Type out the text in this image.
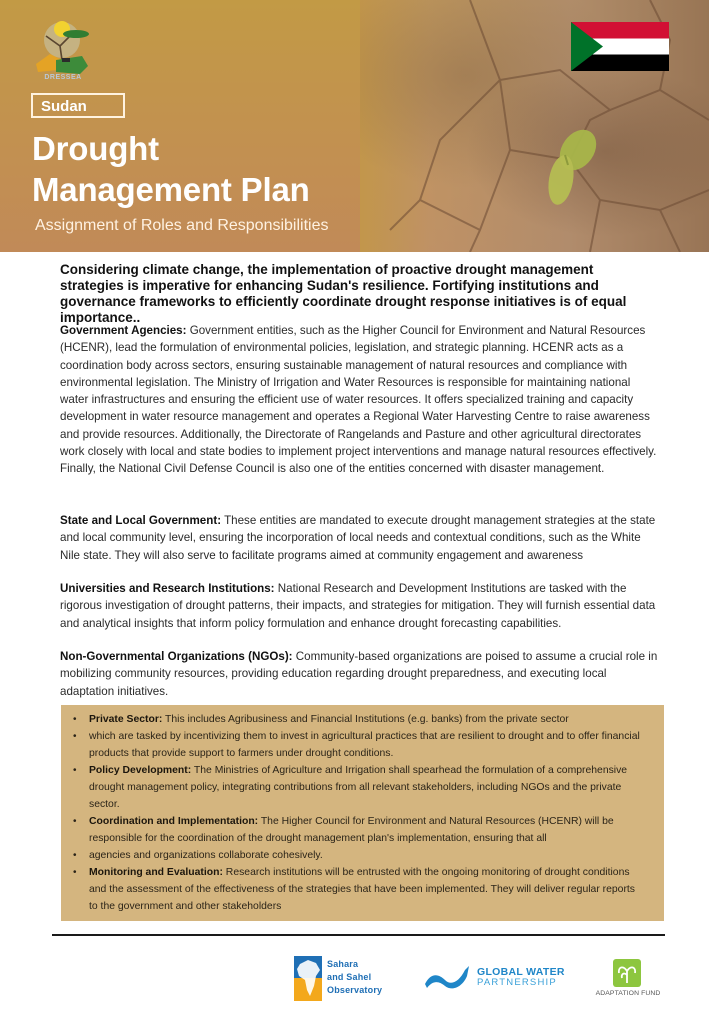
DRESSEA
Sudan
Drought
Management Plan
Assignment of Roles and Responsibilities
Considering climate change, the implementation of proactive drought management strategies is imperative for enhancing Sudan's resilience. Fortifying institutions and governance frameworks to efficiently coordinate drought response initiatives is of equal importance..
Government Agencies: Government entities, such as the Higher Council for Environment and Natural Resources (HCENR), lead the formulation of environmental policies, legislation, and strategic planning. HCENR acts as a coordination body across sectors, ensuring sustainable management of natural resources and compliance with environmental legislation. The Ministry of Irrigation and Water Resources is responsible for maintaining national water infrastructures and ensuring the efficient use of water resources. It offers specialized training and capacity development in water resource management and operates a Regional Water Harvesting Centre to raise awareness and provide resources. Additionally, the Directorate of Rangelands and Pasture and other agricultural directorates work closely with local and state bodies to implement project interventions and manage natural resources effectively. Finally, the National Civil Defense Council is also one of the entities concerned with disaster management.
State and Local Government: These entities are mandated to execute drought management strategies at the state and local community level, ensuring the incorporation of local needs and contextual conditions, such as the White Nile state. They will also serve to facilitate programs aimed at community engagement and awareness
Universities and Research Institutions: National Research and Development Institutions are tasked with the rigorous investigation of drought patterns, their impacts, and strategies for mitigation. They will furnish essential data and analytical insights that inform policy formulation and enhance drought forecasting capabilities.
Non-Governmental Organizations (NGOs): Community-based organizations are poised to assume a crucial role in mobilizing community resources, providing education regarding drought preparedness, and executing local adaptation initiatives.
• Private Sector: This includes Agribusiness and Financial Institutions (e.g. banks) from the private sector
• which are tasked by incentivizing them to invest in agricultural practices that are resilient to drought and to offer financial products that provide support to farmers under drought conditions.
• Policy Development: The Ministries of Agriculture and Irrigation shall spearhead the formulation of a comprehensive drought management policy, integrating contributions from all relevant stakeholders, including NGOs and the private sector.
• Coordination and Implementation: The Higher Council for Environment and Natural Resources (HCENR) will be responsible for the coordination of the drought management plan's implementation, ensuring that all
• agencies and organizations collaborate cohesively.
• Monitoring and Evaluation: Research institutions will be entrusted with the ongoing monitoring of drought conditions and the assessment of the effectiveness of the strategies that have been implemented. They will deliver regular reports to the government and other stakeholders
Sahara
and Sahel
Observatory
GLOBAL WATER
PARTNERSHIP
ADAPTATION FUND
